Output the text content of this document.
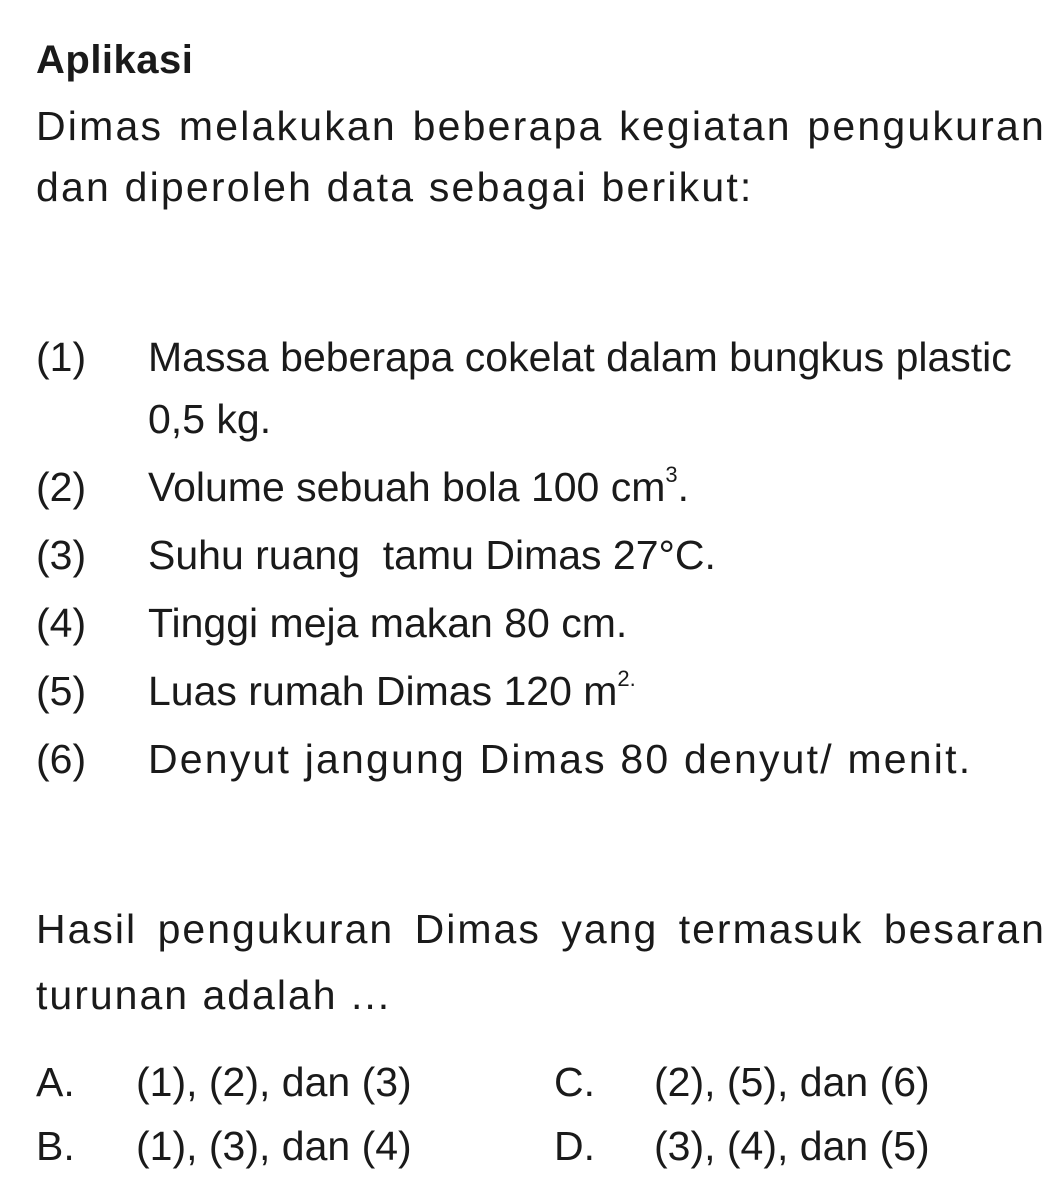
Aplikasi
Dimas melakukan beberapa kegiatan pengukuran dan diperoleh data sebagai berikut:
(1)	Massa beberapa cokelat dalam bungkus plastic 0,5 kg.
(2)	Volume sebuah bola 100 $cm^3$.
(3)	Suhu ruang  tamu Dimas 27°C.
(4)	Tinggi meja makan 80 cm.
(5)	Luas rumah Dimas 120 $m^{2.}$
(6)	Denyut jangung Dimas 80 denyut/ menit.
Hasil pengukuran Dimas yang termasuk besaran turunan adalah ...
A. (1), (2), dan (3)
B. (1), (3), dan (4)
C. (2), (5), dan (6)
D. (3), (4), dan (5)
